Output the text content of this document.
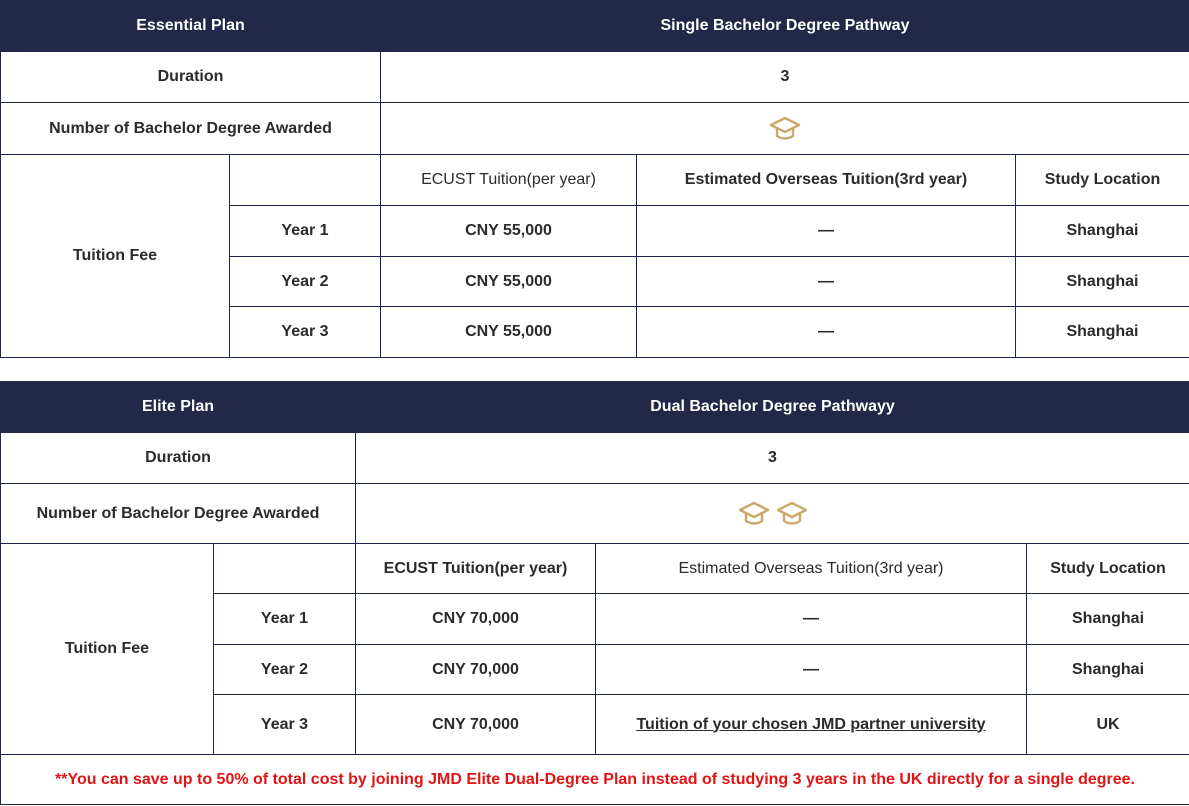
Essential Plan		Single Bachelor Degree Pathway		
Duration		3		
Number of Bachelor Degree Awarded	
Tuition Fee		ECUST Tuition(per year)	Estimated Overseas Tuition(3rd year)	Study Location
	Year 1	CNY 55,000	—	Shanghai
	Year 2	CNY 55,000	—	Shanghai
	Year 3	CNY 55,000	—	Shanghai
Elite Plan		Dual Bachelor Degree Pathwayy		
Duration		3		
Number of Bachelor Degree Awarded	
Tuition Fee		ECUST Tuition(per year)	Estimated Overseas Tuition(3rd year)	Study Location
	Year 1	CNY 70,000	—	Shanghai
	Year 2	CNY 70,000	—	Shanghai
	Year 3	CNY 70,000	Tuition of your chosen JMD partner university	UK
**You can save up to 50% of total cost by joining JMD Elite Dual-Degree Plan instead of studying 3 years in the UK directly for a single degree.				
